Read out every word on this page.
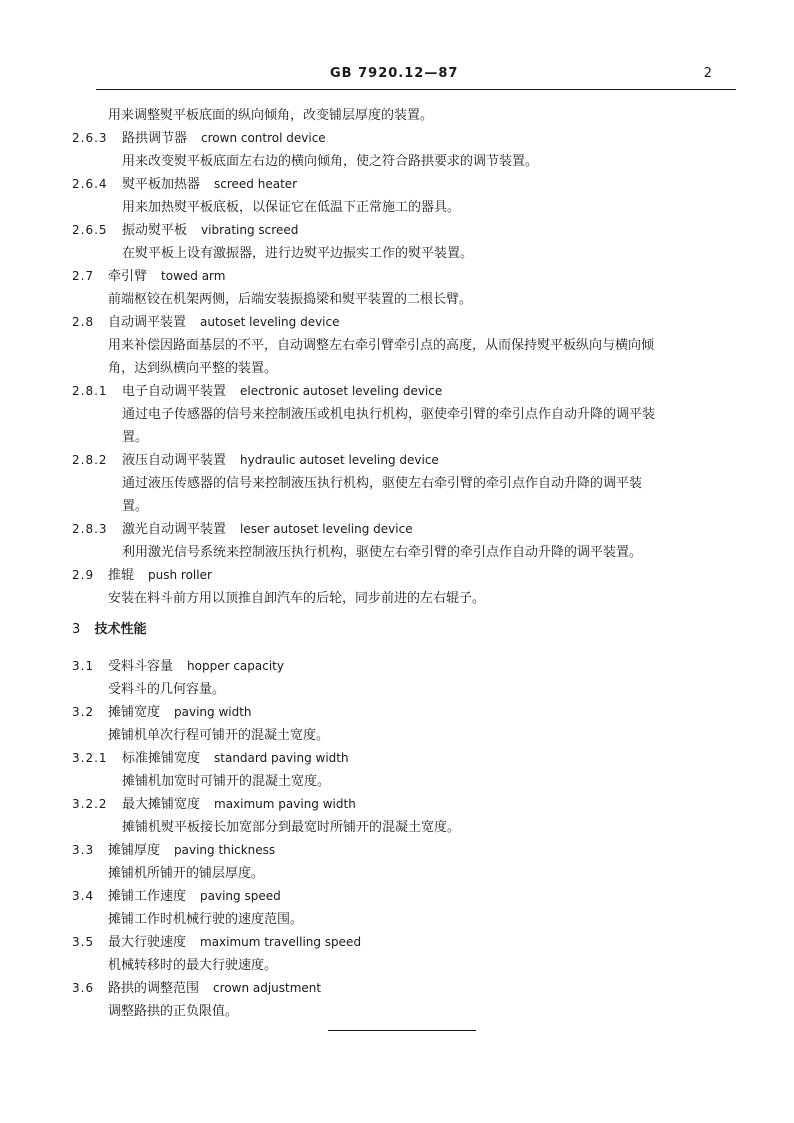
GB 7920.12—87	2
用来调整熨平板底面的纵向倾角，改变铺层厚度的装置。
2.6.3 路拱调节器 crown control device
用来改变熨平板底面左右边的横向倾角，使之符合路拱要求的调节装置。
2.6.4 熨平板加热器 screed heater
用来加热熨平板底板，以保证它在低温下正常施工的器具。
2.6.5 振动熨平板 vibrating screed
在熨平板上设有激振器，进行边熨平边振实工作的熨平装置。
2.7 牵引臂 towed arm
前端枢铰在机架两侧，后端安装振捣梁和熨平装置的二根长臂。
2.8 自动调平装置 autoset leveling device
用来补偿因路面基层的不平，自动调整左右牵引臂牵引点的高度，从而保持熨平板纵向与横向倾
角，达到纵横向平整的装置。
2.8.1 电子自动调平装置 electronic autoset leveling device
通过电子传感器的信号来控制液压或机电执行机构，驱使牵引臂的牵引点作自动升降的调平装
置。
2.8.2 液压自动调平装置 hydraulic autoset leveling device
通过液压传感器的信号来控制液压执行机构，驱使左右牵引臂的牵引点作自动升降的调平装
置。
2.8.3 激光自动调平装置 leser autoset leveling device
利用激光信号系统来控制液压执行机构，驱使左右牵引臂的牵引点作自动升降的调平装置。
2.9 推辊 push roller
安装在料斗前方用以顶推自卸汽车的后轮，同步前进的左右辊子。
3 技术性能
3.1 受料斗容量 hopper capacity
受料斗的几何容量。
3.2 摊铺宽度 paving width
摊铺机单次行程可铺开的混凝土宽度。
3.2.1 标准摊铺宽度 standard paving width
摊铺机加宽时可铺开的混凝土宽度。
3.2.2 最大摊铺宽度 maximum paving width
摊铺机熨平板接长加宽部分到最宽时所铺开的混凝土宽度。
3.3 摊铺厚度 paving thickness
摊铺机所铺开的铺层厚度。
3.4 摊铺工作速度 paving speed
摊铺工作时机械行驶的速度范围。
3.5 最大行驶速度 maximum travelling speed
机械转移时的最大行驶速度。
3.6 路拱的调整范围 crown adjustment
调整路拱的正负限值。
